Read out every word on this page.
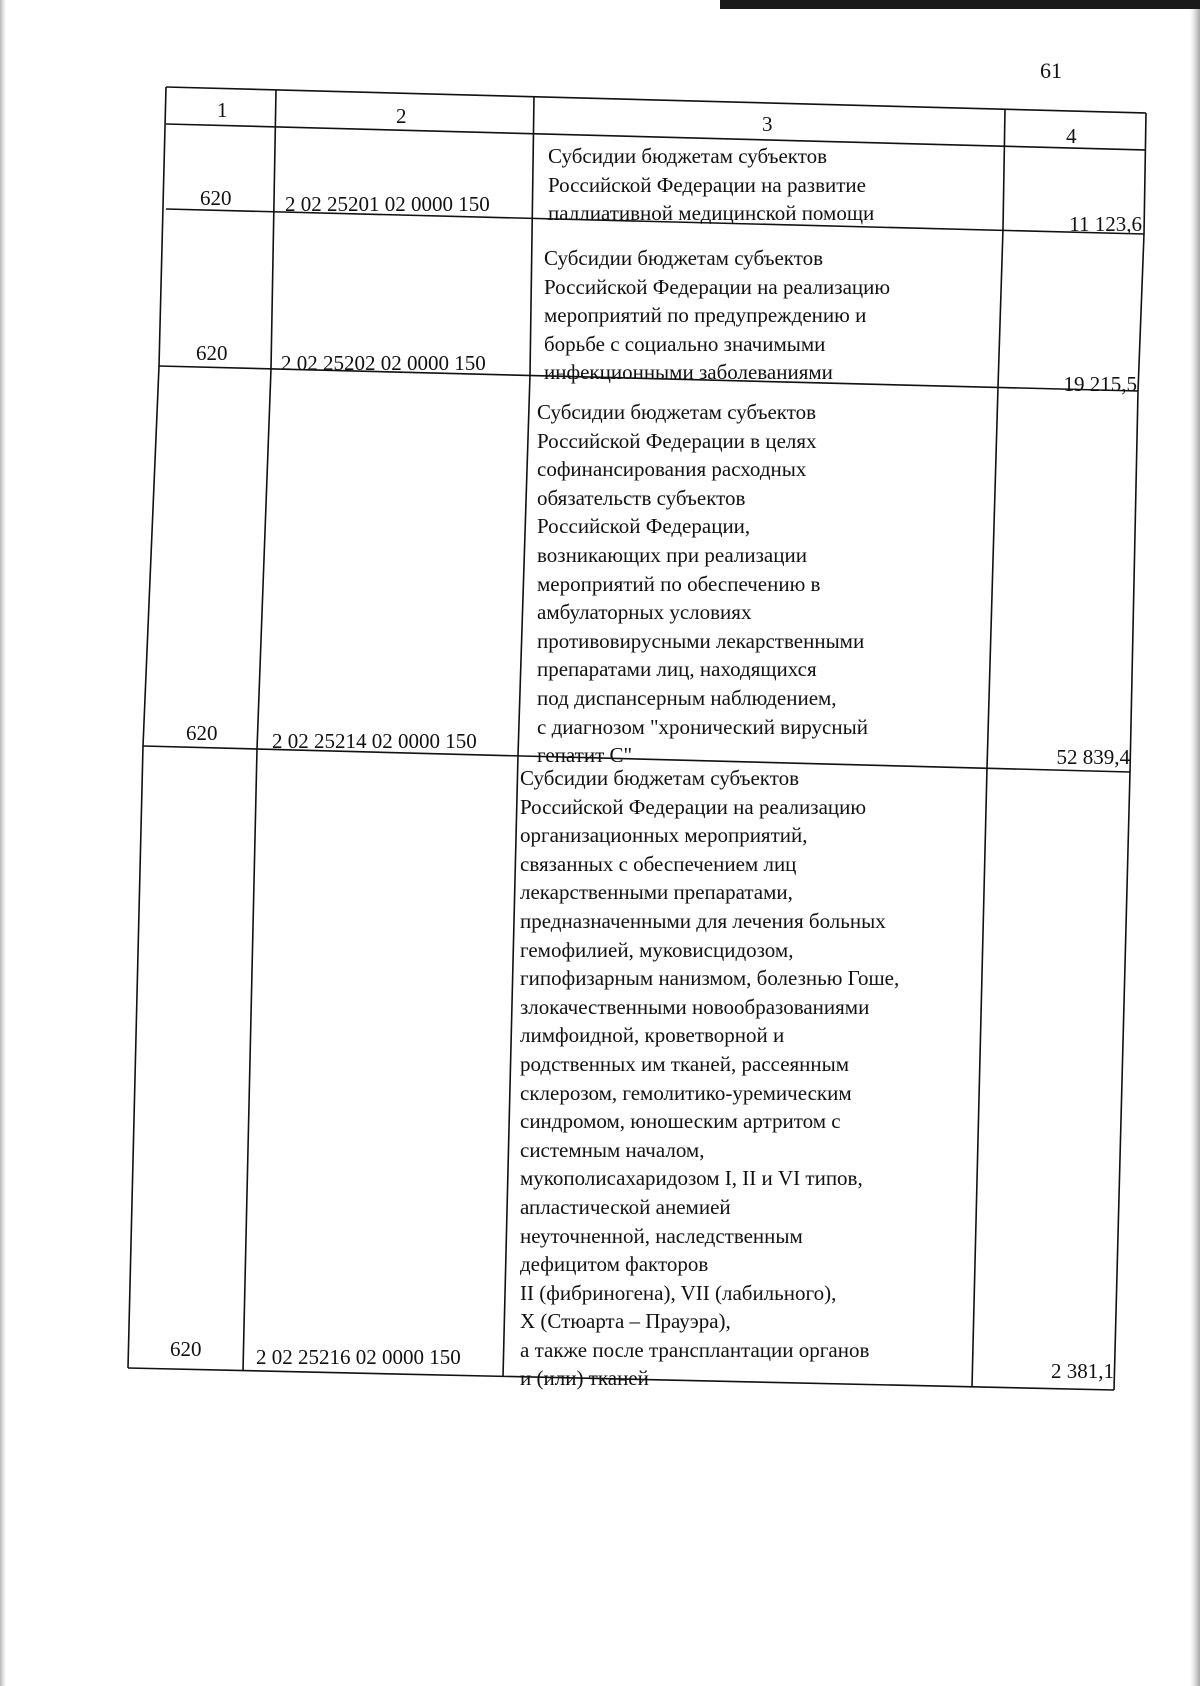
61
1	2	3	4
620	2 02 25201 02 0000 150
Субсидии бюджетам субъектов
Российской Федерации на развитие
паллиативной медицинской помощи	11 123,6
620	2 02 25202 02 0000 150
Субсидии бюджетам субъектов
Российской Федерации на реализацию
мероприятий по предупреждению и
борьбе с социально значимыми
инфекционными заболеваниями	19 215,5
620	2 02 25214 02 0000 150
Субсидии бюджетам субъектов
Российской Федерации в целях
софинансирования расходных
обязательств субъектов
Российской Федерации,
возникающих при реализации
мероприятий по обеспечению в
амбулаторных условиях
противовирусными лекарственными
препаратами лиц, находящихся
под диспансерным наблюдением,
с диагнозом "хронический вирусный
гепатит С"	52 839,4
620	2 02 25216 02 0000 150
Субсидии бюджетам субъектов
Российской Федерации на реализацию
организационных мероприятий,
связанных с обеспечением лиц
лекарственными препаратами,
предназначенными для лечения больных
гемофилией, муковисцидозом,
гипофизарным нанизмом, болезнью Гоше,
злокачественными новообразованиями
лимфоидной, кроветворной и
родственных им тканей, рассеянным
склерозом, гемолитико-уремическим
синдромом, юношеским артритом с
системным началом,
мукополисахаридозом I, II и VI типов,
апластической анемией
неуточненной, наследственным
дефицитом факторов
II (фибриногена), VII (лабильного),
X (Стюарта – Прауэра),
а также после трансплантации органов
и (или) тканей	2 381,1
